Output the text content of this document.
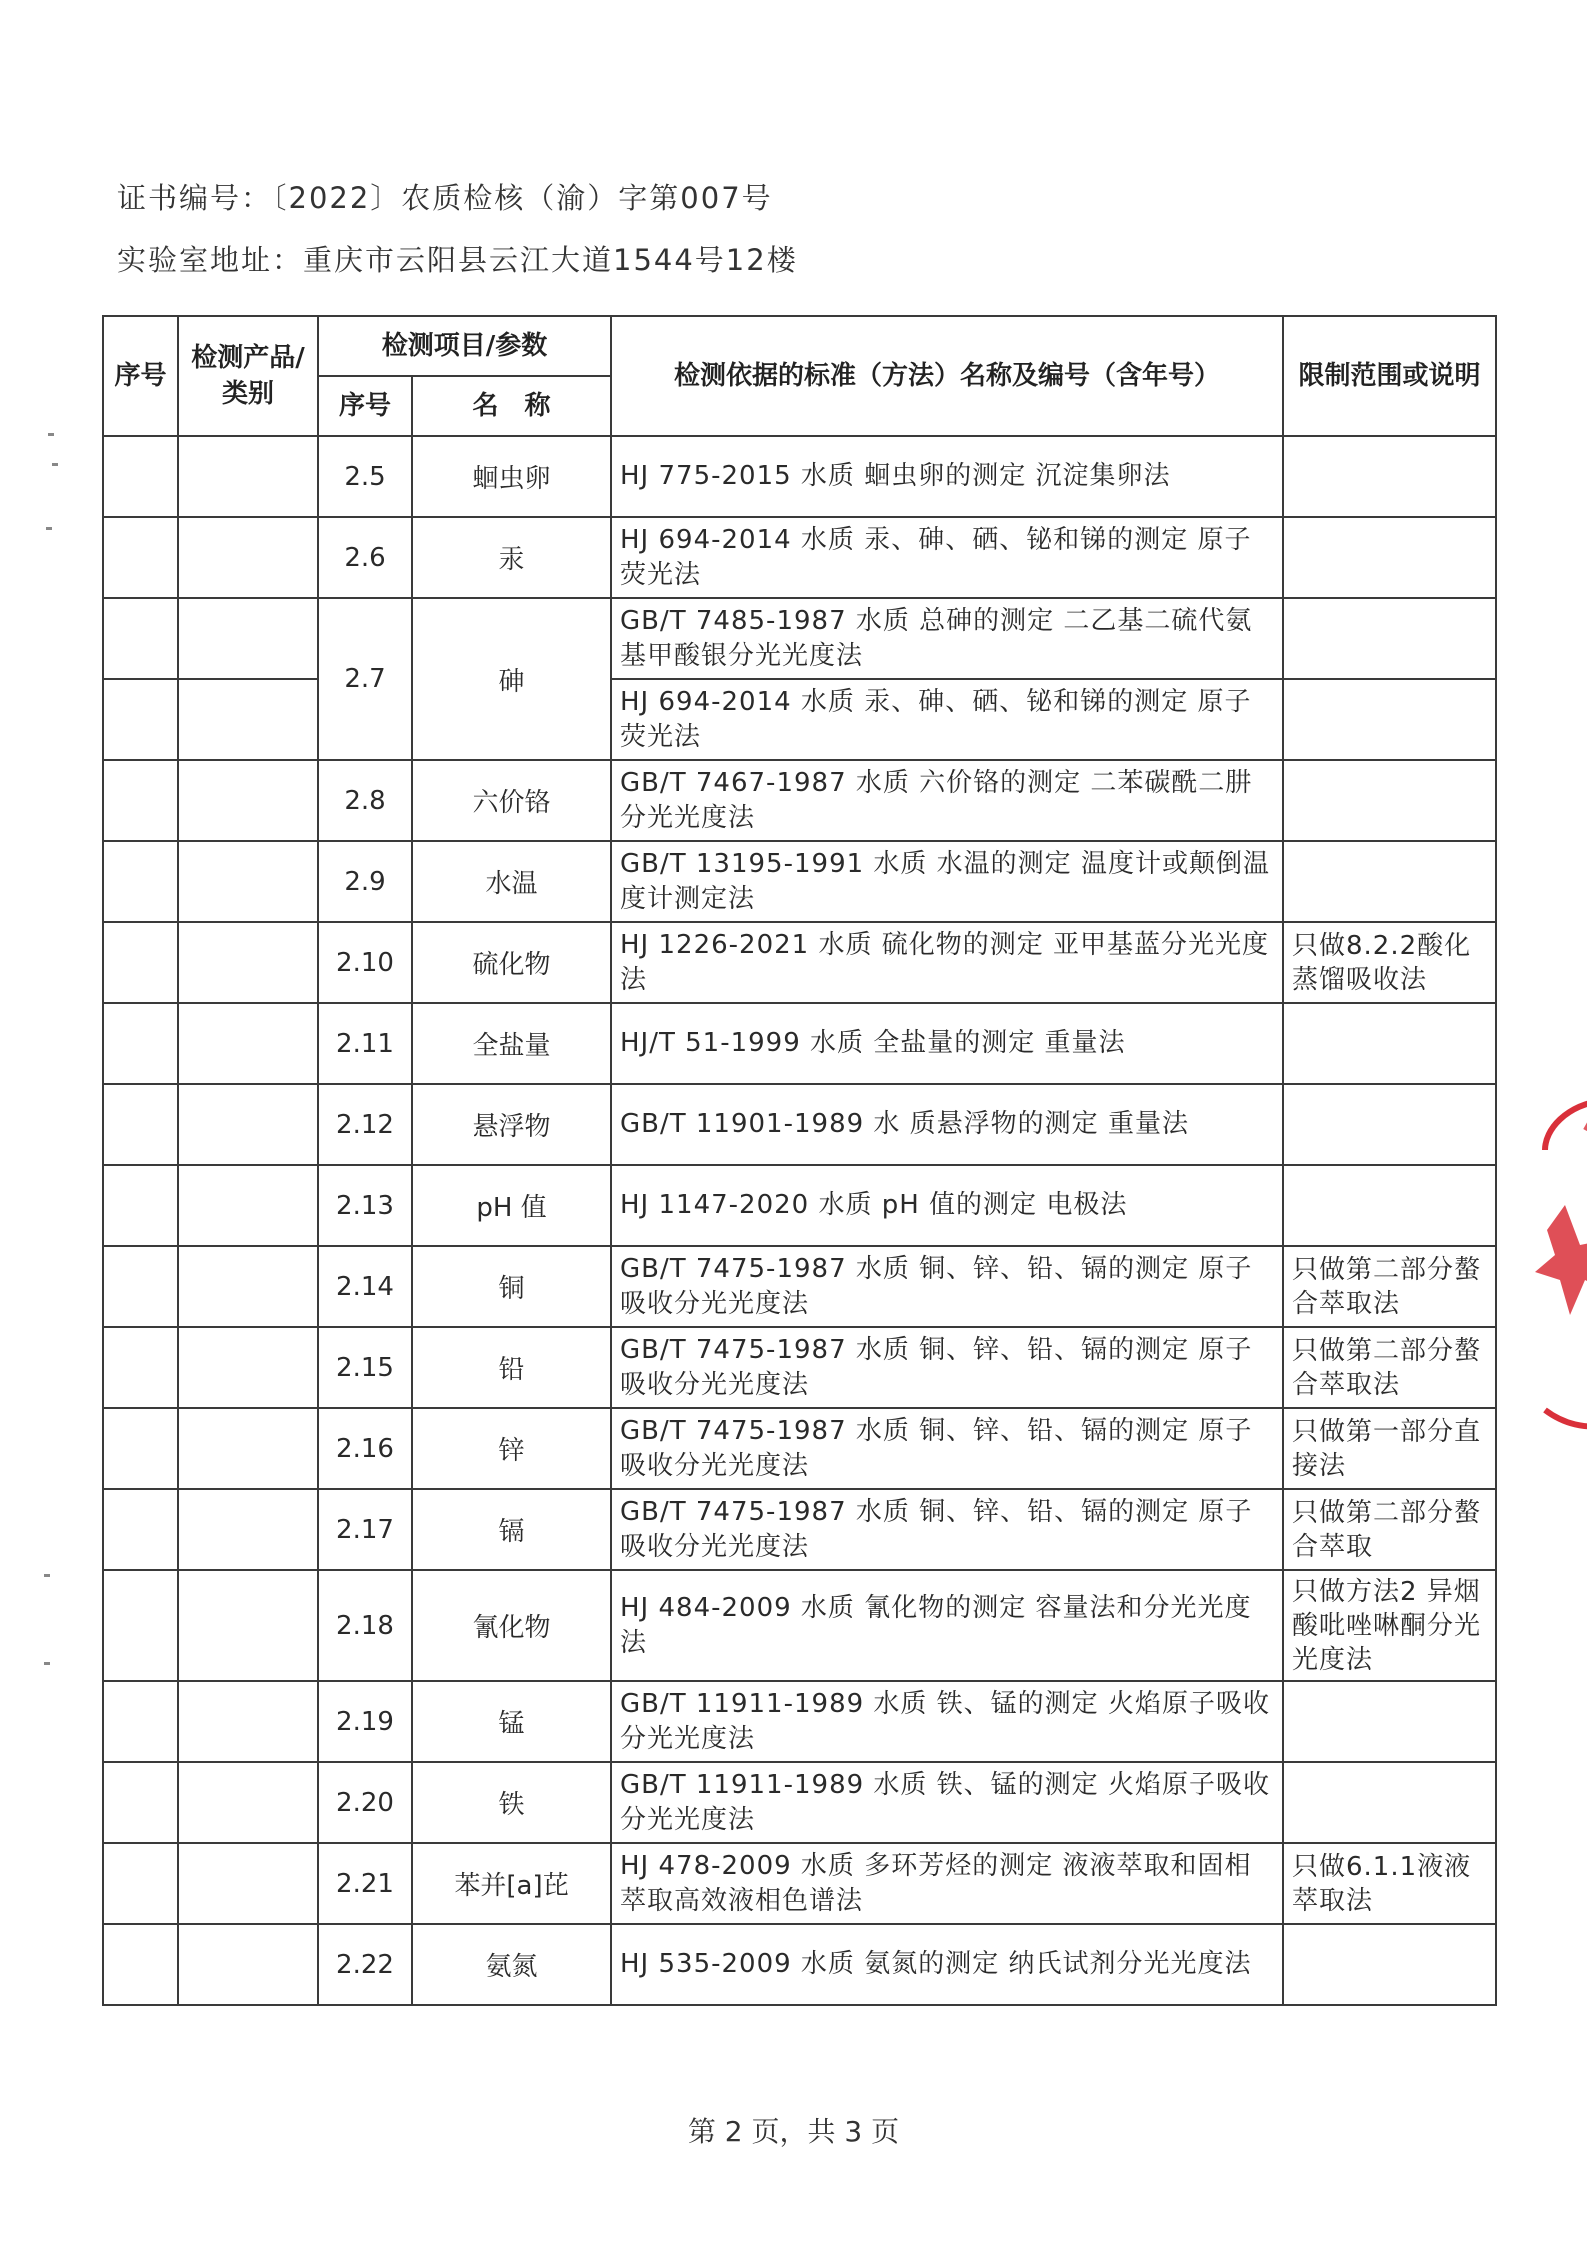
证书编号：〔2022〕农质检核（渝）字第007号
实验室地址：重庆市云阳县云江大道1544号12楼
序号	检测产品/类别	检测项目/参数		检测依据的标准（方法）名称及编号（含年号）	限制范围或说明
		序号	名　称		
		2.5	蛔虫卵	HJ 775-2015 水质 蛔虫卵的测定 沉淀集卵法	
		2.6	汞	HJ 694-2014 水质 汞、砷、硒、铋和锑的测定 原子荧光法	
		2.7	砷	GB/T 7485-1987 水质 总砷的测定 二乙基二硫代氨基甲酸银分光光度法	
				HJ 694-2014 水质 汞、砷、硒、铋和锑的测定 原子荧光法	
		2.8	六价铬	GB/T 7467-1987 水质 六价铬的测定 二苯碳酰二肼分光光度法	
		2.9	水温	GB/T 13195-1991 水质 水温的测定 温度计或颠倒温度计测定法	
		2.10	硫化物	HJ 1226-2021 水质 硫化物的测定 亚甲基蓝分光光度法	只做8.2.2酸化蒸馏吸收法
		2.11	全盐量	HJ/T 51-1999 水质 全盐量的测定 重量法	
		2.12	悬浮物	GB/T 11901-1989 水 质悬浮物的测定 重量法	
		2.13	pH 值	HJ 1147-2020 水质 pH 值的测定 电极法	
		2.14	铜	GB/T 7475-1987 水质 铜、锌、铅、镉的测定 原子吸收分光光度法	只做第二部分螯合萃取法
		2.15	铅	GB/T 7475-1987 水质 铜、锌、铅、镉的测定 原子吸收分光光度法	只做第二部分螯合萃取法
		2.16	锌	GB/T 7475-1987 水质 铜、锌、铅、镉的测定 原子吸收分光光度法	只做第一部分直接法
		2.17	镉	GB/T 7475-1987 水质 铜、锌、铅、镉的测定 原子吸收分光光度法	只做第二部分螯合萃取
		2.18	氰化物	HJ 484-2009 水质 氰化物的测定 容量法和分光光度法	只做方法2 异烟酸吡唑啉酮分光光度法
		2.19	锰	GB/T 11911-1989 水质 铁、锰的测定 火焰原子吸收 分光光度法	
		2.20	铁	GB/T 11911-1989 水质 铁、锰的测定 火焰原子吸收 分光光度法	
		2.21	苯并[a]芘	HJ 478-2009 水质 多环芳烃的测定 液液萃取和固相萃取高效液相色谱法	只做6.1.1液液萃取法
		2.22	氨氮	HJ 535-2009 水质 氨氮的测定 纳氏试剂分光光度法	
第 2 页，共 3 页
